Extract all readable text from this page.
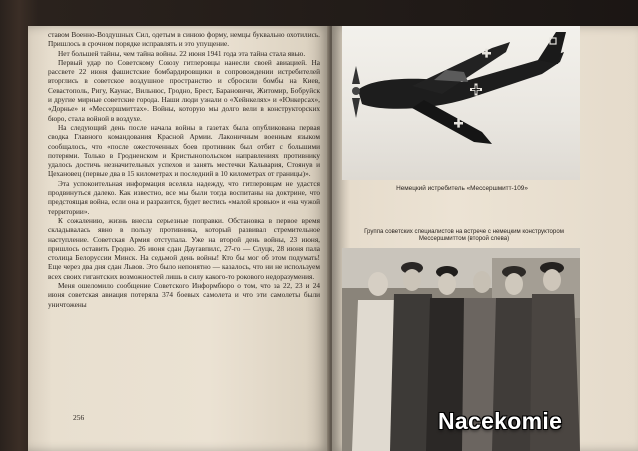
ставом Военно-Воздушных Сил, одетым в синюю форму, немцы буквально охотились. Пришлось в срочном порядке исправлять и это упущение.

Нет большей тайны, чем тайна войны. 22 июня 1941 года эта тайна стала явью.

Первый удар по Советскому Союзу гитлеровцы нанесли своей авиацией. На рассвете 22 июня фашистские бомбардировщики в сопровождении истребителей вторглись в советское воздушное пространство и сбросили бомбы на Киев, Севастополь, Ригу, Каунас, Вильнюс, Гродно, Брест, Барановичи, Житомир, Бобруйск и другие мирные советские города. Наши люди узнали о «Хейнкелях» и «Юнкерсах», «Дорнье» и «Мессершмиттах». Войны, которую мы долго вели в конструкторских бюро, стала войной в воздухе.

На следующий день после начала войны в газетах была опубликована первая сводка Главного командования Красной Армии. Лаконичным военным языком сообщалось, что «после ожесточенных боев противник был отбит с большими потерями. Только в Гродненском и Кристынопольском направлениях противнику удалось достичь незначительных успехов и занять местечки Кальвария, Стоянув и Цехановец (первые два в 15 километрах и последний в 10 километрах от границы)».

Эта успокоительная информация вселяла надежду, что гитлеровцам не удастся продвинуться далеко. Как известно, все мы были тогда воспитаны на доктрине, что предстоящая война, если она и разразится, будет вестись «малой кровью» и «на чужой территории».

К сожалению, жизнь внесла серьезные поправки. Обстановка в первое время складывалась явно в пользу противника, который развивал стремительное наступление. Советская Армия отступала. Уже на второй день войны, 23 июня, пришлось оставить Гродно. 26 июня сдан Даугавпилс, 27-го — Слуцк, 28 июня пала столица Белоруссии Минск. На седьмой день войны! Кто бы мог об этом подумать! Еще через два дня сдан Львов. Это было непонятно — казалось, что ни не используем всех своих гигантских возможностей лишь в силу какого-то рокового недоразумения.

Меня ошеломило сообщение Советского Информбюро о том, что за 22, 23 и 24 июня советская авиация потеряла 374 боевых самолета и что эти самолеты были уничтожены

256
Немецкий истребитель «Мессершмитт-109»
Группа советских специалистов на встрече с немецким конструктором Мессершмиттом (второй слева)
Nacekomie
